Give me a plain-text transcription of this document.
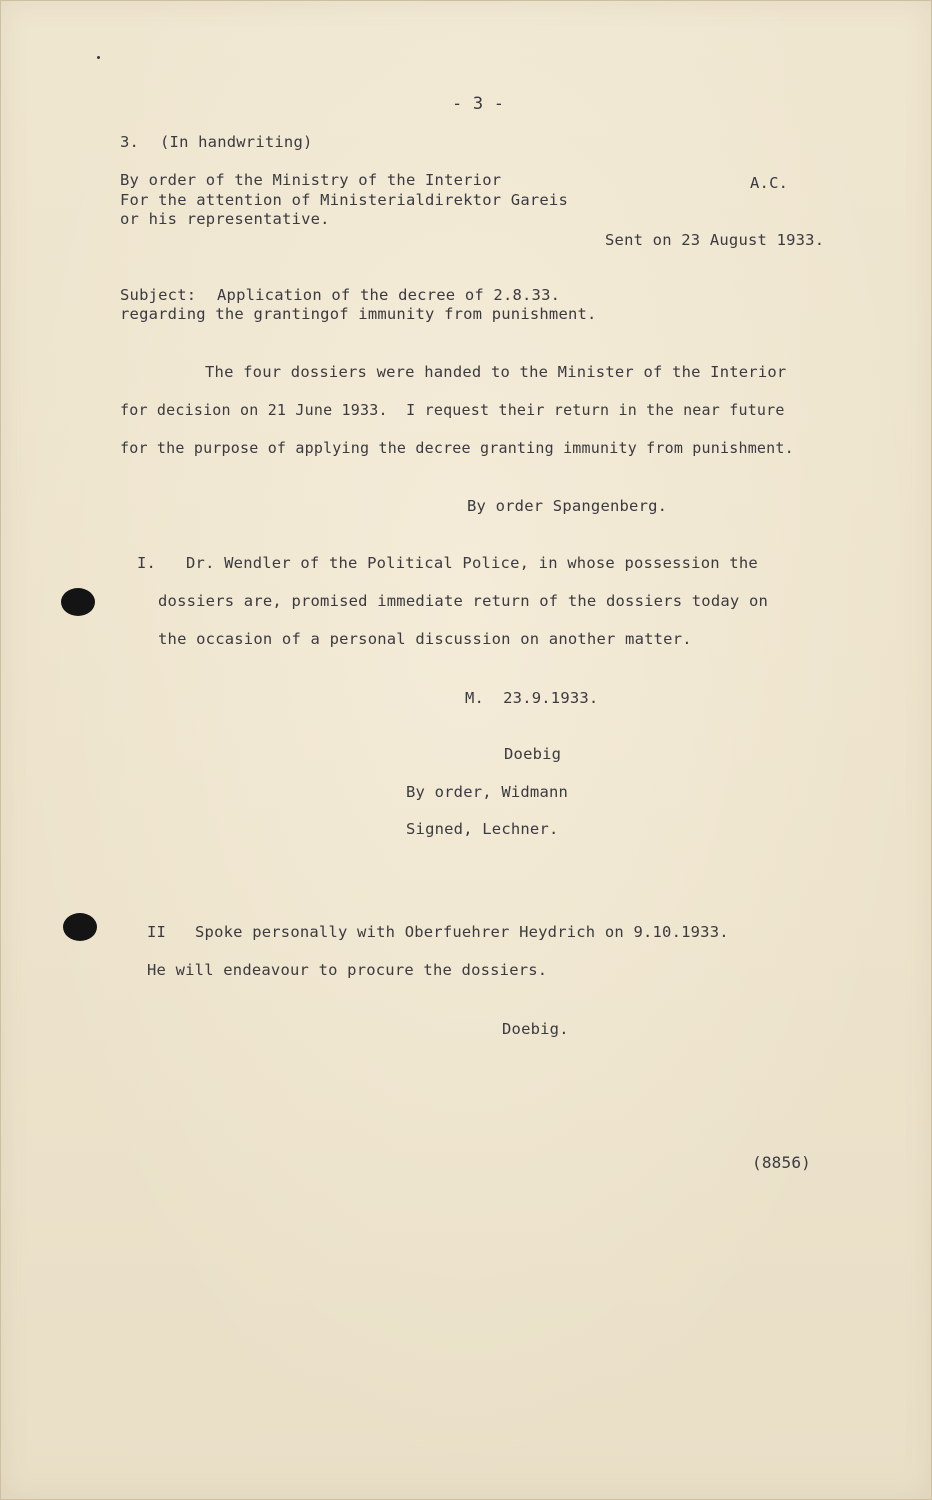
- 3 -
3. (In handwriting)
By order of the Ministry of the Interior
For the attention of Ministerialdirektor Gareis
or his representative.
A.C.
Sent on 23 August 1933.
Subject: Application of the decree of 2.8.33.
regarding the grantingof immunity from punishment.
The four dossiers were handed to the Minister of the Interior
for decision on 21 June 1933.  I request their return in the near future
for the purpose of applying the decree granting immunity from punishment.
By order Spangenberg.
I. Dr. Wendler of the Political Police, in whose possession the
dossiers are, promised immediate return of the dossiers today on
the occasion of a personal discussion on another matter.
M.  23.9.1933.
Doebig
By order, Widmann
Signed, Lechner.
II Spoke personally with Oberfuehrer Heydrich on 9.10.1933.
He will endeavour to procure the dossiers.
Doebig.
(8856)
